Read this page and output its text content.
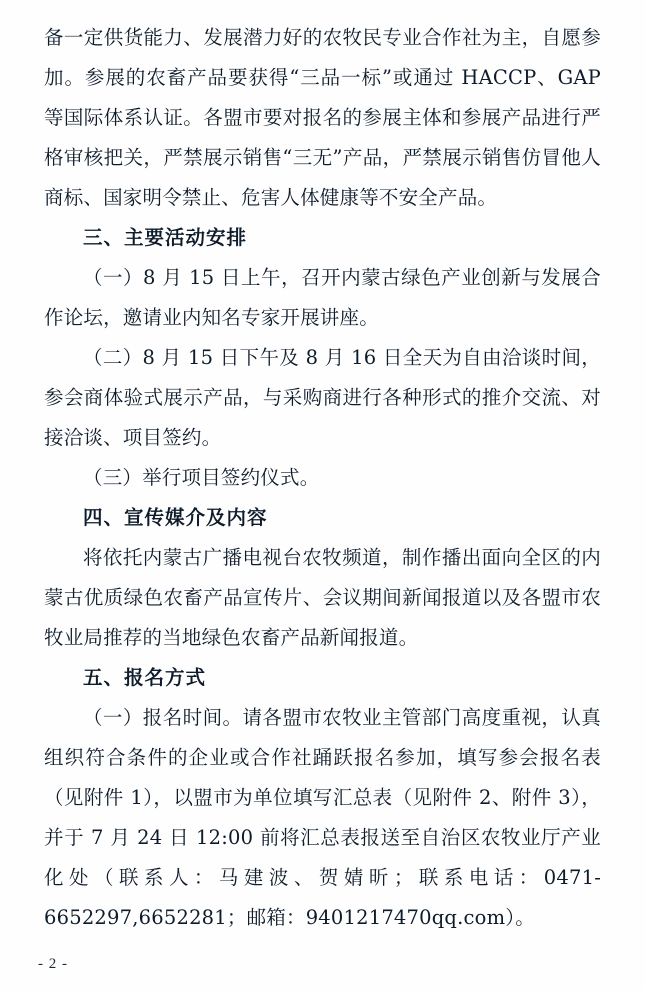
备一定供货能力、发展潜力好的农牧民专业合作社为主，自愿参加。参展的农畜产品要获得“三品一标”或通过 HACCP、GAP 等国际体系认证。各盟市要对报名的参展主体和参展产品进行严格审核把关，严禁展示销售“三无”产品，严禁展示销售仿冒他人商标、国家明令禁止、危害人体健康等不安全产品。

三、主要活动安排

（一）8 月 15 日上午，召开内蒙古绿色产业创新与发展合作论坛，邀请业内知名专家开展讲座。

（二）8 月 15 日下午及 8 月 16 日全天为自由洽谈时间，参会商体验式展示产品，与采购商进行各种形式的推介交流、对接洽谈、项目签约。

（三）举行项目签约仪式。

四、宣传媒介及内容

将依托内蒙古广播电视台农牧频道，制作播出面向全区的内蒙古优质绿色农畜产品宣传片、会议期间新闻报道以及各盟市农牧业局推荐的当地绿色农畜产品新闻报道。

五、报名方式

（一）报名时间。请各盟市农牧业主管部门高度重视，认真组织符合条件的企业或合作社踊跃报名参加，填写参会报名表（见附件 1），以盟市为单位填写汇总表（见附件 2、附件 3），并于 7 月 24 日 12:00 前将汇总表报送至自治区农牧业厅产业化处（联系人：马建波、贺婧昕；联系电话：0471-6652297,6652281；邮箱：9401217470qq.com）。

- 2 -
